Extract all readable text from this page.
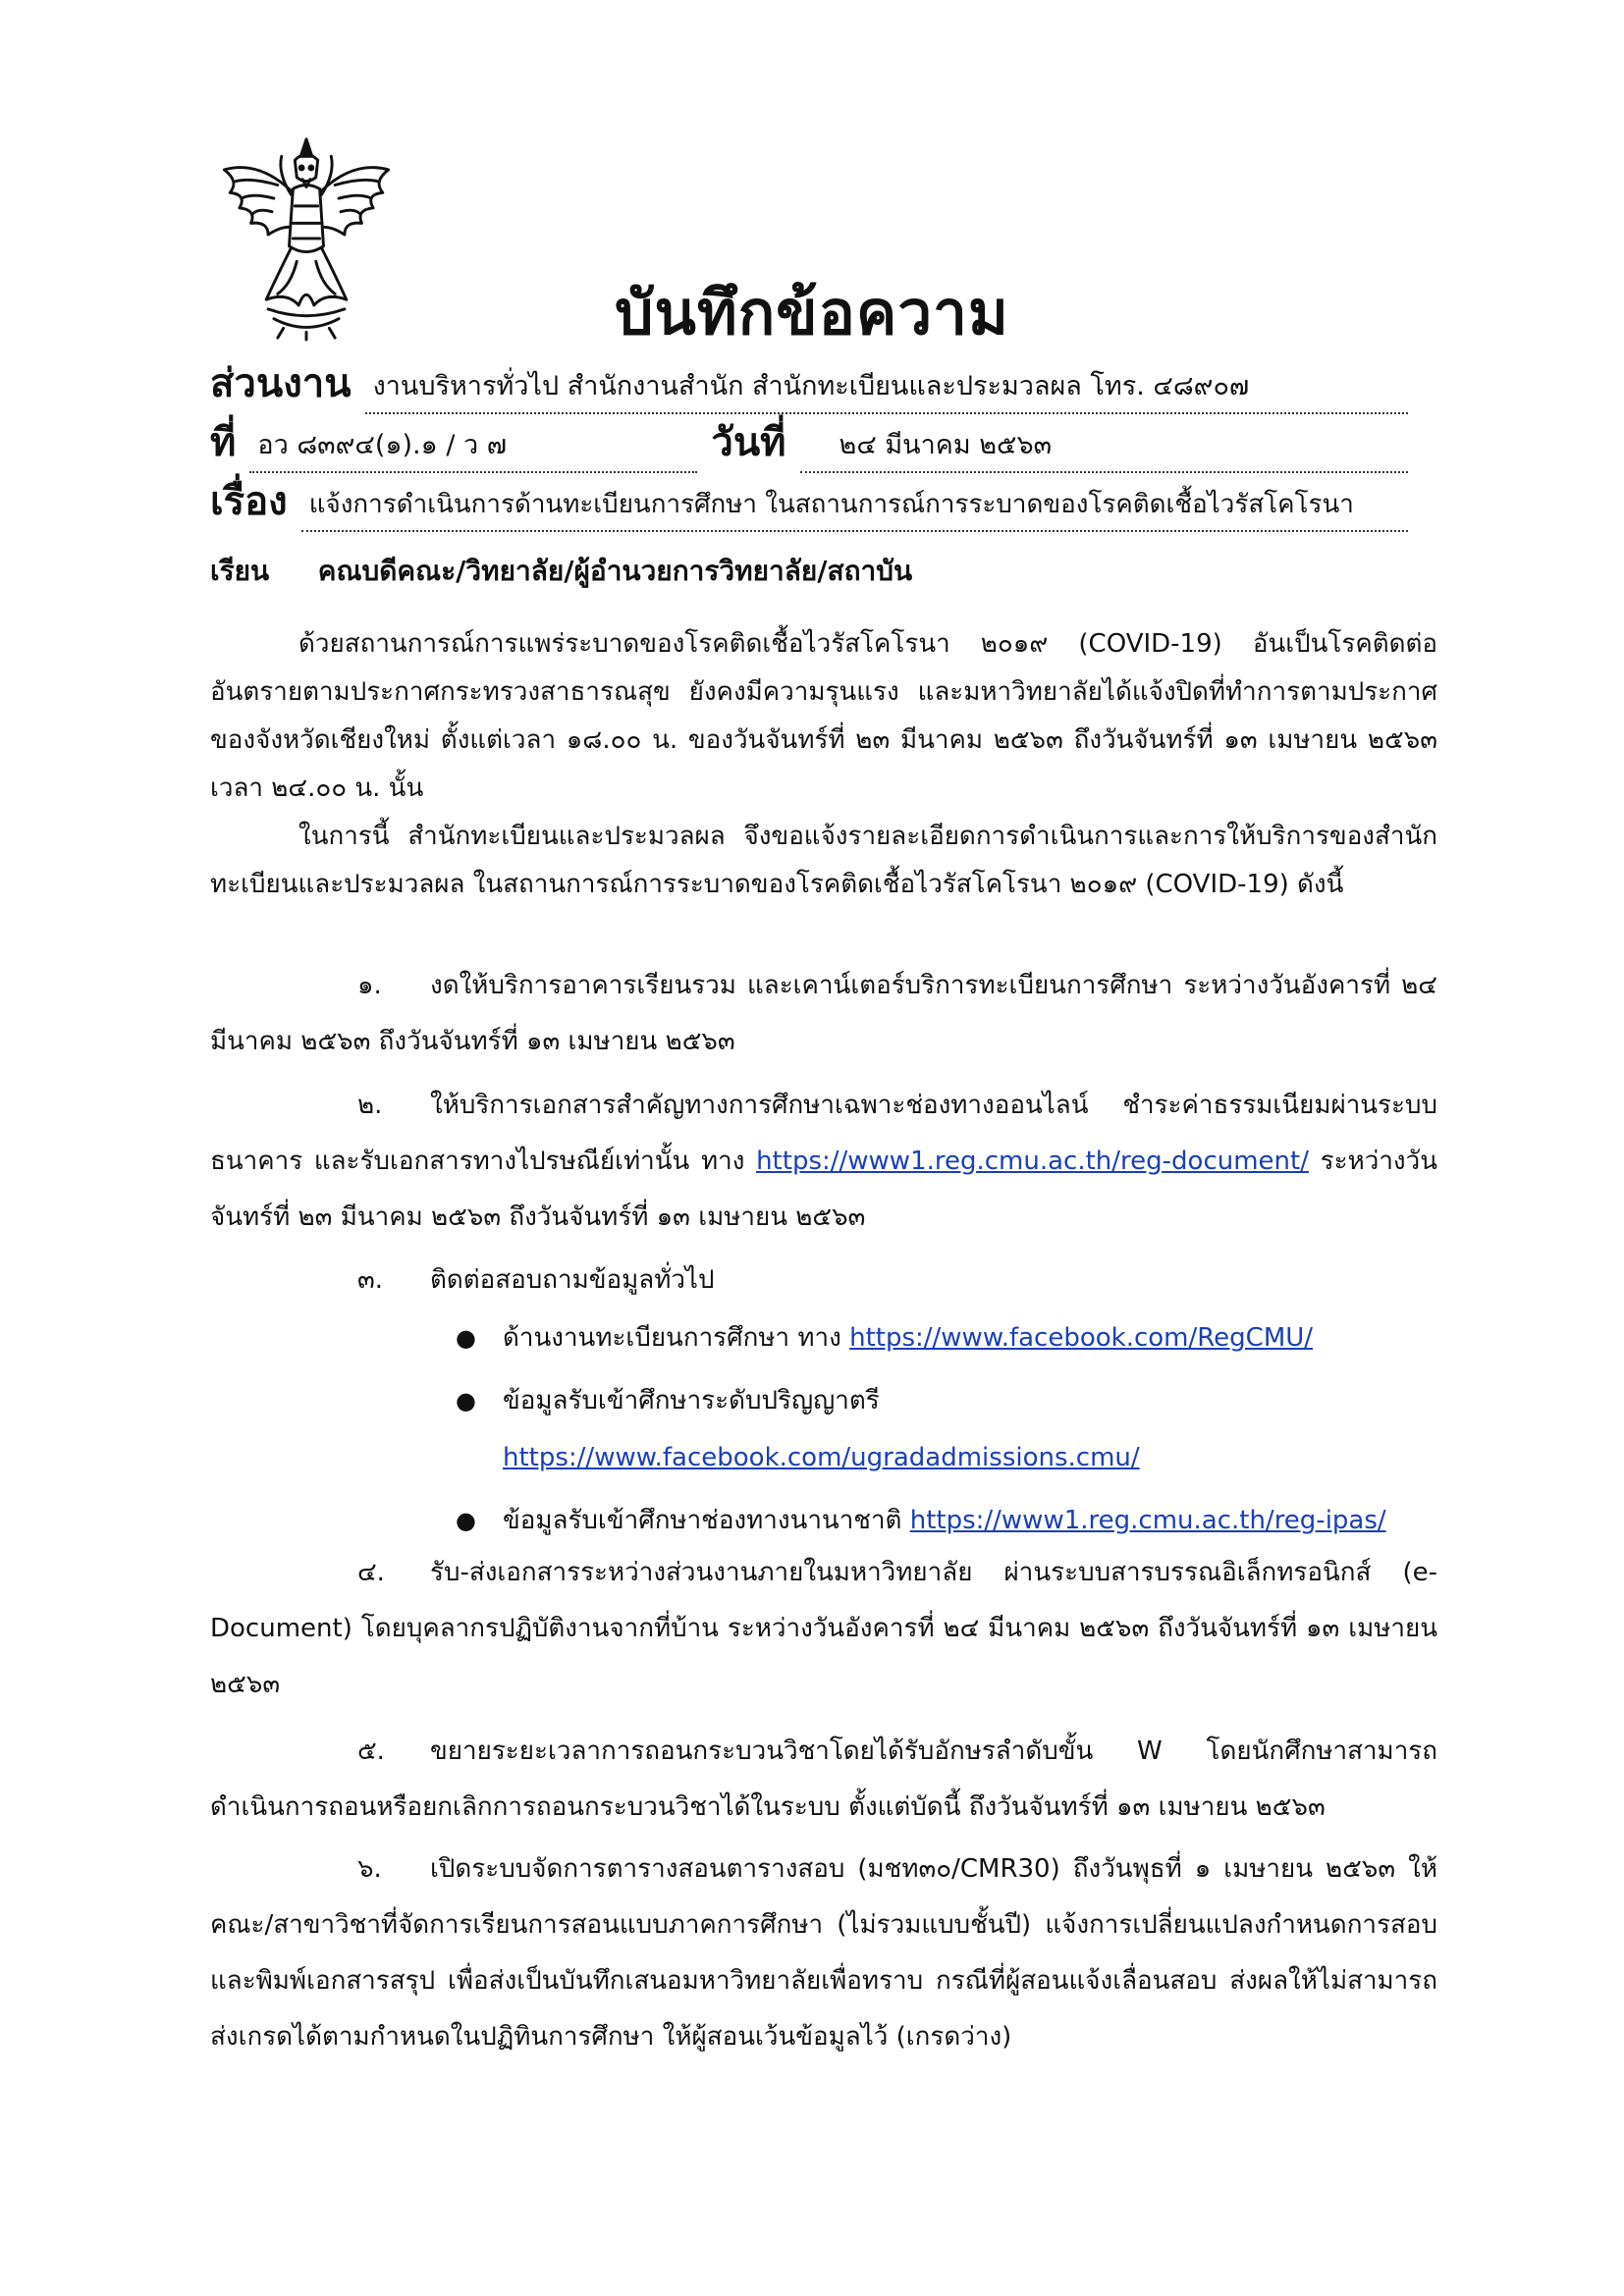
บันทึกข้อความ
ส่วนงาน งานบริหารทั่วไป สำนักงานสำนัก สำนักทะเบียนและประมวลผล โทร. ๔๘๙๐๗
ที่ อว ๘๓๙๔(๑).๑ / ว ๗	วันที่	๒๔ มีนาคม ๒๕๖๓
เรื่อง แจ้งการดำเนินการด้านทะเบียนการศึกษา ในสถานการณ์การระบาดของโรคติดเชื้อไวรัสโคโรนา
เรียน คณบดีคณะ/วิทยาลัย/ผู้อำนวยการวิทยาลัย/สถาบัน
ด้วยสถานการณ์การแพร่ระบาดของโรคติดเชื้อไวรัสโคโรนา ๒๐๑๙ (COVID-19) อันเป็นโรคติดต่ออันตรายตามประกาศกระทรวงสาธารณสุข ยังคงมีความรุนแรง และมหาวิทยาลัยได้แจ้งปิดที่ทำการตามประกาศของจังหวัดเชียงใหม่ ตั้งแต่เวลา ๑๘.๐๐ น. ของวันจันทร์ที่ ๒๓ มีนาคม ๒๕๖๓ ถึงวันจันทร์ที่ ๑๓ เมษายน ๒๕๖๓ เวลา ๒๔.๐๐ น. นั้น
ในการนี้ สำนักทะเบียนและประมวลผล จึงขอแจ้งรายละเอียดการดำเนินการและการให้บริการของสำนักทะเบียนและประมวลผล ในสถานการณ์การระบาดของโรคติดเชื้อไวรัสโคโรนา ๒๐๑๙ (COVID-19) ดังนี้
๑. งดให้บริการอาคารเรียนรวม และเคาน์เตอร์บริการทะเบียนการศึกษา ระหว่างวันอังคารที่ ๒๔ มีนาคม ๒๕๖๓ ถึงวันจันทร์ที่ ๑๓ เมษายน ๒๕๖๓
๒. ให้บริการเอกสารสำคัญทางการศึกษาเฉพาะช่องทางออนไลน์ ชำระค่าธรรมเนียมผ่านระบบธนาคาร และรับเอกสารทางไปรษณีย์เท่านั้น ทาง https://www1.reg.cmu.ac.th/reg-document/ ระหว่างวันจันทร์ที่ ๒๓ มีนาคม ๒๕๖๓ ถึงวันจันทร์ที่ ๑๓ เมษายน ๒๕๖๓
๓. ติดต่อสอบถามข้อมูลทั่วไป
● ด้านงานทะเบียนการศึกษา ทาง https://www.facebook.com/RegCMU/
● ข้อมูลรับเข้าศึกษาระดับปริญญาตรี
https://www.facebook.com/ugradadmissions.cmu/
● ข้อมูลรับเข้าศึกษาช่องทางนานาชาติ https://www1.reg.cmu.ac.th/reg-ipas/
๔. รับ-ส่งเอกสารระหว่างส่วนงานภายในมหาวิทยาลัย ผ่านระบบสารบรรณอิเล็กทรอนิกส์ (e-Document) โดยบุคลากรปฏิบัติงานจากที่บ้าน ระหว่างวันอังคารที่ ๒๔ มีนาคม ๒๕๖๓ ถึงวันจันทร์ที่ ๑๓ เมษายน ๒๕๖๓
๕. ขยายระยะเวลาการถอนกระบวนวิชาโดยได้รับอักษรลำดับขั้น W โดยนักศึกษาสามารถดำเนินการถอนหรือยกเลิกการถอนกระบวนวิชาได้ในระบบ ตั้งแต่บัดนี้ ถึงวันจันทร์ที่ ๑๓ เมษายน ๒๕๖๓
๖. เปิดระบบจัดการตารางสอนตารางสอบ (มชท๓๐/CMR30) ถึงวันพุธที่ ๑ เมษายน ๒๕๖๓ ให้คณะ/สาขาวิชาที่จัดการเรียนการสอนแบบภาคการศึกษา (ไม่รวมแบบชั้นปี) แจ้งการเปลี่ยนแปลงกำหนดการสอบ และพิมพ์เอกสารสรุป เพื่อส่งเป็นบันทึกเสนอมหาวิทยาลัยเพื่อทราบ กรณีที่ผู้สอนแจ้งเลื่อนสอบ ส่งผลให้ไม่สามารถส่งเกรดได้ตามกำหนดในปฏิทินการศึกษา ให้ผู้สอนเว้นข้อมูลไว้ (เกรดว่าง)
